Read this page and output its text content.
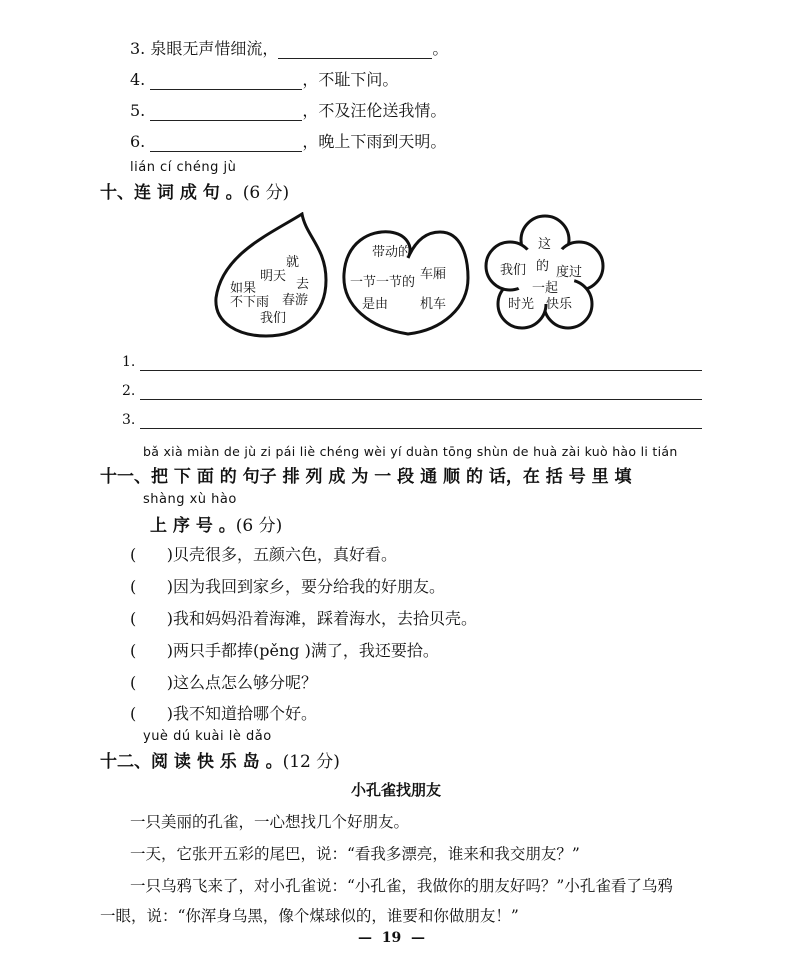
3. 泉眼无声惜细流，	。
4.	，不耻下问。
5.	，不及汪伦送我情。
6.	，晚上下雨到天明。
lián cí chéng jù
十、连 词 成 句 。(6 分)
就
明天
去
如果
不下雨 春游
我们
带动的
车厢
一节一节的
是由 机车
这
的 度过
我们
一起
时光 快乐
1.
2.
3.
bǎ xià miàn de jù zi pái liè chéng wèi yí duàn tōng shùn de huà zài kuò hào li tián
十一、把 下 面 的 句子 排 列 成 为 一 段 通 顺 的 话，在 括 号 里 填
shàng xù hào
上 序 号 。(6 分)
(      )贝壳很多，五颜六色，真好看。
(      )因为我回到家乡，要分给我的好朋友。
(      )我和妈妈沿着海滩，踩着海水，去拾贝壳。
(      )两只手都捧(pěng )满了，我还要拾。
(      )这么点怎么够分呢？
(      )我不知道拾哪个好。
yuè dú kuài lè dǎo
十二、阅 读 快 乐 岛 。(12 分)
小孔雀找朋友
一只美丽的孔雀，一心想找几个好朋友。
一天，它张开五彩的尾巴，说：“看我多漂亮，谁来和我交朋友？”
一只乌鸦飞来了，对小孔雀说：“小孔雀，我做你的朋友好吗？”小孔雀看了乌鸦
一眼，说：“你浑身乌黑，像个煤球似的，谁要和你做朋友！”
—  19  —
